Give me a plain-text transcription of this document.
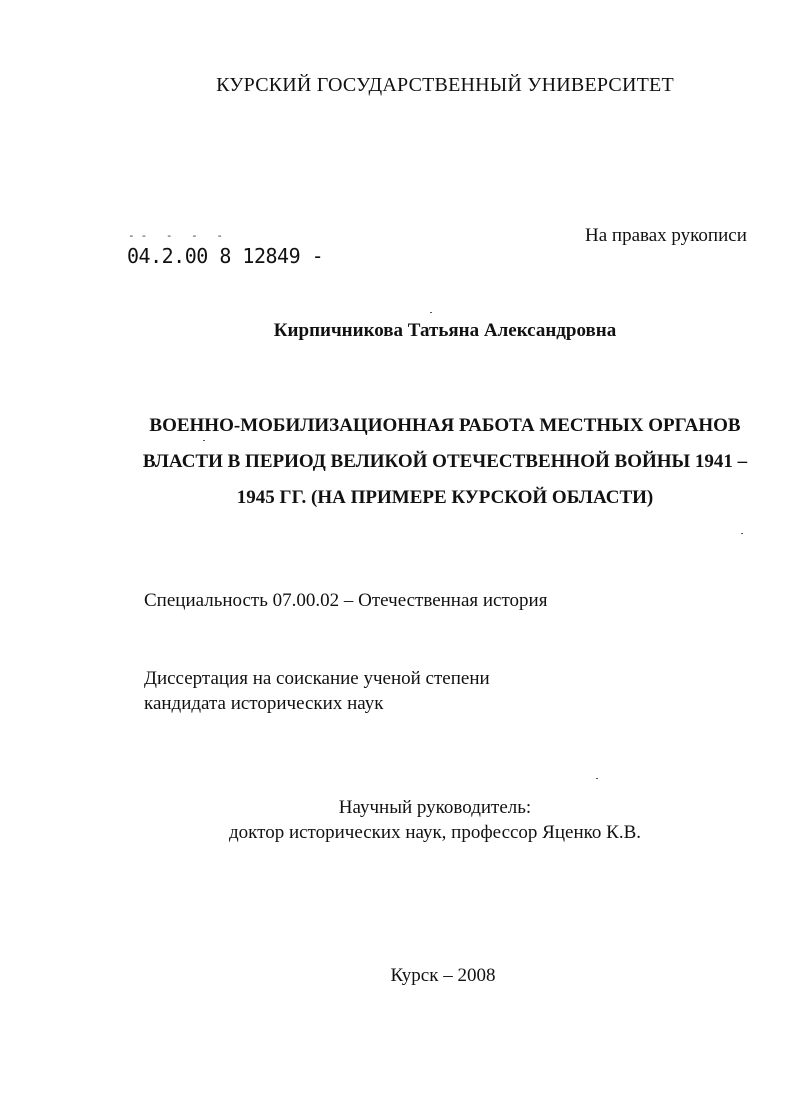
КУРСКИЙ ГОСУДАРСТВЕННЫЙ УНИВЕРСИТЕТ
На правах рукописи
-- - - -
04.2.00 8 12849 -
Кирпичникова Татьяна Александровна
ВОЕННО-МОБИЛИЗАЦИОННАЯ РАБОТА МЕСТНЫХ ОРГАНОВ
ВЛАСТИ В ПЕРИОД ВЕЛИКОЙ ОТЕЧЕСТВЕННОЙ ВОЙНЫ 1941 –
1945 ГГ. (НА ПРИМЕРЕ КУРСКОЙ ОБЛАСТИ)
Специальность 07.00.02 – Отечественная история
Диссертация на соискание ученой степени
кандидата исторических наук
Научный руководитель:
доктор исторических наук, профессор Яценко К.В.
Курск – 2008
